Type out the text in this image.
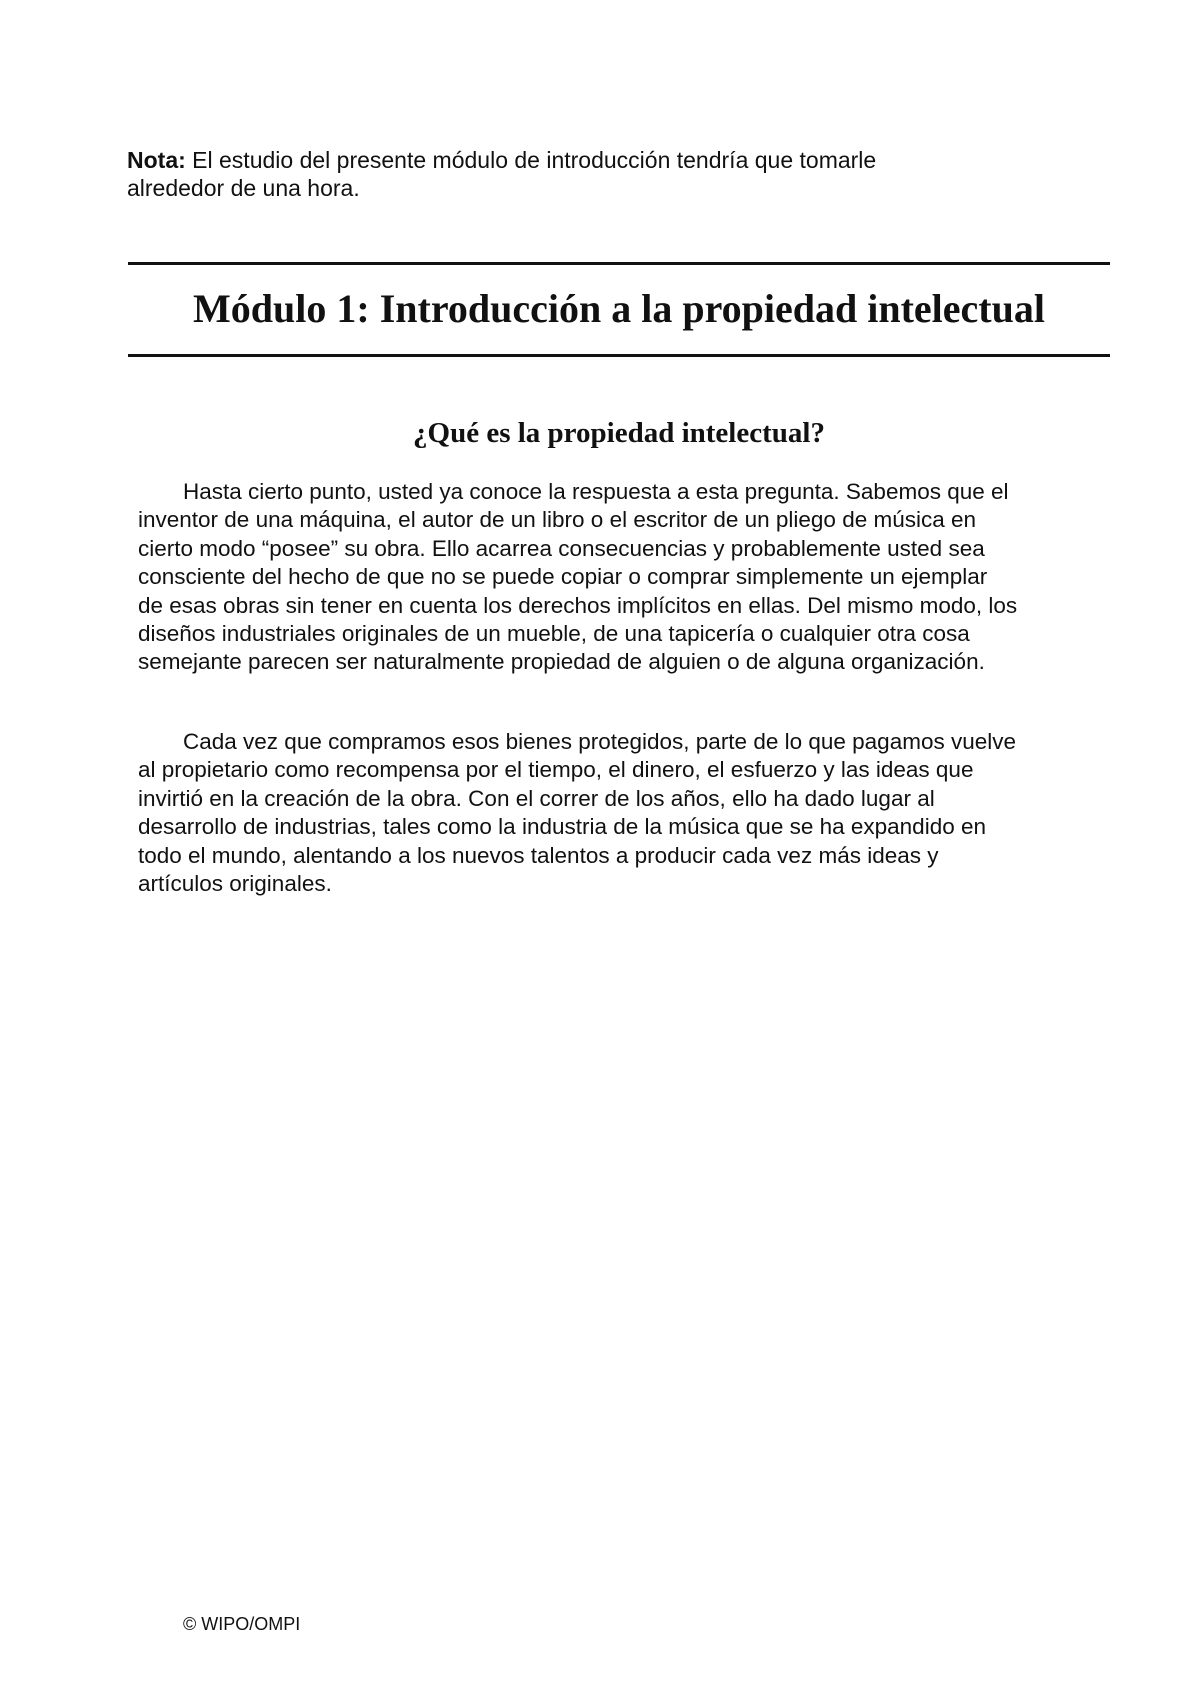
Nota: El estudio del presente módulo de introducción tendría que tomarle alrededor de una hora.
Módulo 1: Introducción a la propiedad intelectual
¿Qué es la propiedad intelectual?

Hasta cierto punto, usted ya conoce la respuesta a esta pregunta. Sabemos que el inventor de una máquina, el autor de un libro o el escritor de un pliego de música en cierto modo “posee” su obra. Ello acarrea consecuencias y probablemente usted sea consciente del hecho de que no se puede copiar o comprar simplemente un ejemplar de esas obras sin tener en cuenta los derechos implícitos en ellas. Del mismo modo, los diseños industriales originales de un mueble, de una tapicería o cualquier otra cosa semejante parecen ser naturalmente propiedad de alguien o de alguna organización.

Cada vez que compramos esos bienes protegidos, parte de lo que pagamos vuelve al propietario como recompensa por el tiempo, el dinero, el esfuerzo y las ideas que invirtió en la creación de la obra. Con el correr de los años, ello ha dado lugar al desarrollo de industrias, tales como la industria de la música que se ha expandido en todo el mundo, alentando a los nuevos talentos a producir cada vez más ideas y artículos originales.

© WIPO/OMPI
